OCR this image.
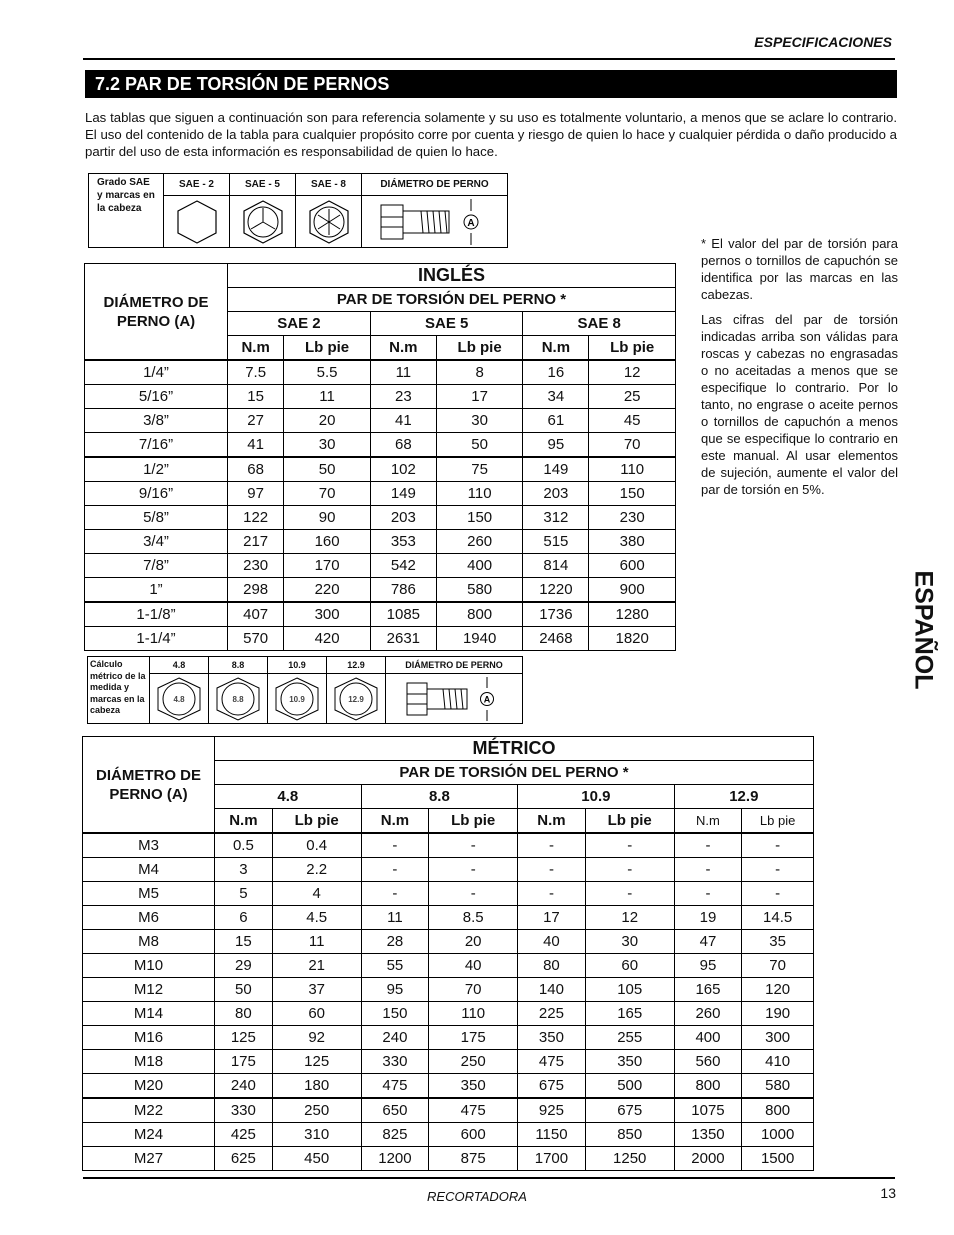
ESPECIFICACIONES
7.2 PAR DE TORSIÓN DE PERNOS
Las tablas que siguen a continuación son para referencia solamente y su uso es totalmente voluntario, a menos que se aclare lo contrario. El uso del contenido de la tabla para cualquier propósito corre por cuenta y riesgo de quien lo hace y cualquier pérdida o daño producido a partir del uso de esta información es responsabilidad de quien lo hace.
Grado SAE y marcas en la cabeza	SAE - 2	SAE - 5	SAE - 8	DIÁMETRO DE PERNO

A
DIÁMETRO DE PERNO (A)	INGLÉS					
	PAR DE TORSIÓN DEL PERNO *					
	SAE 2		SAE 5		SAE 8	
	N.m	Lb pie	N.m	Lb pie	N.m	Lb pie
1/4”	7.5	5.5	11	8	16	12
5/16”	15	11	23	17	34	25
3/8”	27	20	41	30	61	45
7/16”	41	30	68	50	95	70
1/2”	68	50	102	75	149	110
9/16”	97	70	149	110	203	150
5/8”	122	90	203	150	312	230
3/4”	217	160	353	260	515	380
7/8”	230	170	542	400	814	600
1”	298	220	786	580	1220	900
1-1/8”	407	300	1085	800	1736	1280
1-1/4”	570	420	2631	1940	2468	1820

* El valor del par de torsión para pernos o tornillos de capuchón se identifica por las marcas en las cabezas.

Las cifras del par de torsión indicadas arriba son válidas para roscas y cabezas no engrasadas o no aceitadas a menos que se especifique lo contrario. Por lo tanto, no engrase o aceite pernos o tornillos de capuchón a menos que se especifique lo contrario en este manual. Al usar elementos de sujeción, aumente el valor del par de torsión en 5%.

ESPAÑOL
Cálculo métrico de la medida y marcas en la cabeza	4.8	8.8	10.9	12.9	DIÁMETRO DE PERNO

4.8	8.8	10.9	12.9	A
DIÁMETRO DE PERNO (A)	MÉTRICO							
	PAR DE TORSIÓN DEL PERNO *							
	4.8		8.8		10.9		12.9	
	N.m	Lb pie	N.m	Lb pie	N.m	Lb pie	N.m	Lb pie
M3	0.5	0.4	-	-	-	-	-	-
M4	3	2.2	-	-	-	-	-	-
M5	5	4	-	-	-	-	-	-
M6	6	4.5	11	8.5	17	12	19	14.5
M8	15	11	28	20	40	30	47	35
M10	29	21	55	40	80	60	95	70
M12	50	37	95	70	140	105	165	120
M14	80	60	150	110	225	165	260	190
M16	125	92	240	175	350	255	400	300
M18	175	125	330	250	475	350	560	410
M20	240	180	475	350	675	500	800	580
M22	330	250	650	475	925	675	1075	800
M24	425	310	825	600	1150	850	1350	1000
M27	625	450	1200	875	1700	1250	2000	1500
RECORTADORA	13
